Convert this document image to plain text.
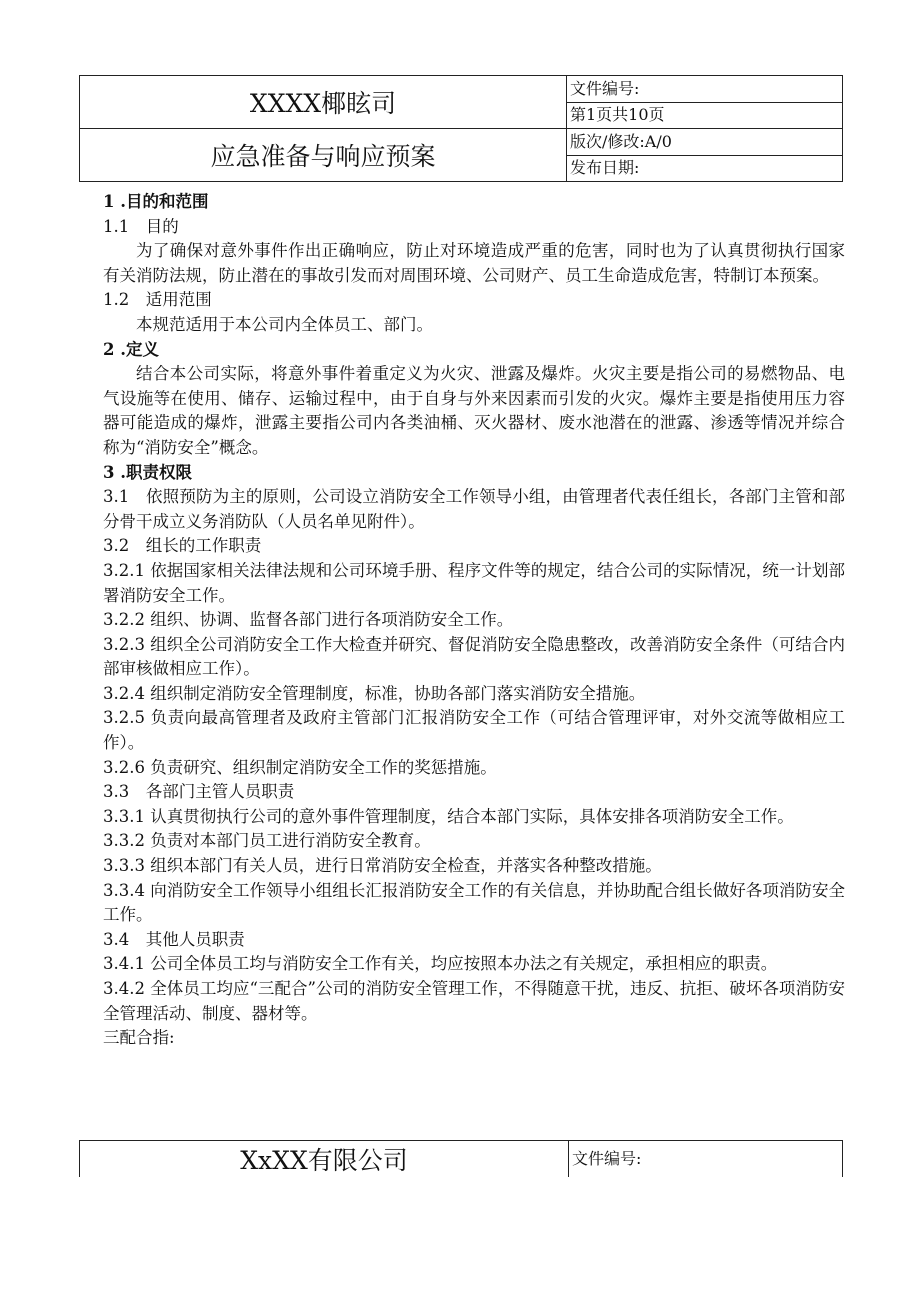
XXXX椰眩司	文件编号:
	第1页共10页
应急准备与响应预案	版次/修改:A/0
	发布日期:

1 .目的和范围

1.1 目的

为了确保对意外事件作出正确响应，防止对环境造成严重的危害，同时也为了认真贯彻执行国家有关消防法规，防止潜在的事故引发而对周围环境、公司财产、员工生命造成危害，特制订本预案。

1.2 适用范围

本规范适用于本公司内全体员工、部门。

2 .定义

结合本公司实际，将意外事件着重定义为火灾、泄露及爆炸。火灾主要是指公司的易燃物品、电气设施等在使用、储存、运输过程中，由于自身与外来因素而引发的火灾。爆炸主要是指使用压力容器可能造成的爆炸，泄露主要指公司内各类油桶、灭火器材、废水池潜在的泄露、渗透等情况并综合称为“消防安全”概念。

3 .职责权限

3.1　依照预防为主的原则，公司设立消防安全工作领导小组，由管理者代表任组长，各部门主管和部分骨干成立义务消防队（人员名单见附件）。

3.2　组长的工作职责

3.2.1 依据国家相关法律法规和公司环境手册、程序文件等的规定，结合公司的实际情况，统一计划部署消防安全工作。

3.2.2 组织、协调、监督各部门进行各项消防安全工作。

3.2.3 组织全公司消防安全工作大检查并研究、督促消防安全隐患整改，改善消防安全条件（可结合内部审核做相应工作）。

3.2.4 组织制定消防安全管理制度，标准，协助各部门落实消防安全措施。

3.2.5 负责向最高管理者及政府主管部门汇报消防安全工作（可结合管理评审，对外交流等做相应工作）。

3.2.6 负责研究、组织制定消防安全工作的奖惩措施。

3.3　各部门主管人员职责

3.3.1 认真贯彻执行公司的意外事件管理制度，结合本部门实际，具体安排各项消防安全工作。

3.3.2 负责对本部门员工进行消防安全教育。

3.3.3 组织本部门有关人员，进行日常消防安全检查，并落实各种整改措施。

3.3.4 向消防安全工作领导小组组长汇报消防安全工作的有关信息，并协助配合组长做好各项消防安全工作。

3.4　其他人员职责

3.4.1 公司全体员工均与消防安全工作有关，均应按照本办法之有关规定，承担相应的职责。

3.4.2 全体员工均应“三配合”公司的消防安全管理工作，不得随意干扰，违反、抗拒、破坏各项消防安全管理活动、制度、器材等。

三配合指:

XxXX有限公司	文件编号:
